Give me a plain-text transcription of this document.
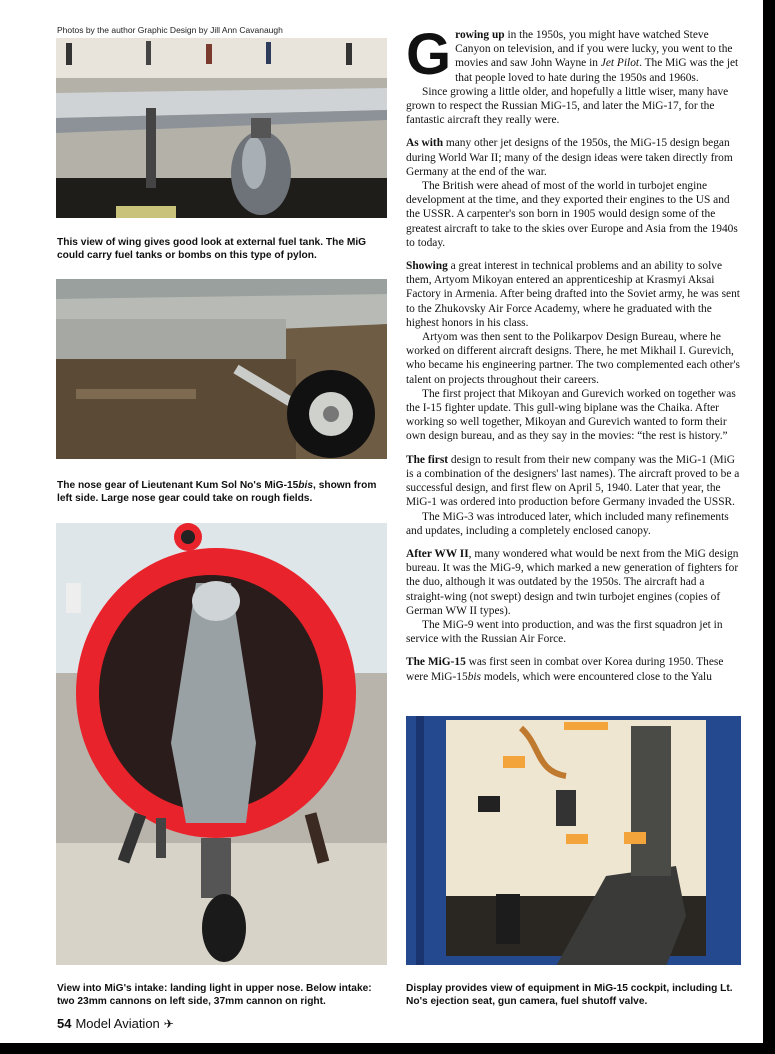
Photos by the author Graphic Design by Jill Ann Cavanaugh

This view of wing gives good look at external fuel tank. The MiG could carry fuel tanks or bombs on this type of pylon.

The nose gear of Lieutenant Kum Sol No's MiG-15bis, shown from left side. Large nose gear could take on rough fields.

View into MiG's intake: landing light in upper nose. Below intake: two 23mm cannons on left side, 37mm cannon on right.

Display provides view of equipment in MiG-15 cockpit, including Lt. No's ejection seat, gun camera, fuel shutoff valve.

Growing up in the 1950s, you might have watched Steve Canyon on television, and if you were lucky, you went to the movies and saw John Wayne in Jet Pilot. The MiG was the jet that people loved to hate during the 1950s and 1960s.

Since growing a little older, and hopefully a little wiser, many have grown to respect the Russian MiG-15, and later the MiG-17, for the fantastic aircraft they really were.

As with many other jet designs of the 1950s, the MiG-15 design began during World War II; many of the design ideas were taken directly from Germany at the end of the war.

The British were ahead of most of the world in turbojet engine development at the time, and they exported their engines to the US and the USSR. A carpenter's son born in 1905 would design some of the greatest aircraft to take to the skies over Europe and Asia from the 1940s to today.

Showing a great interest in technical problems and an ability to solve them, Artyom Mikoyan entered an apprenticeship at Krasmyi Aksai Factory in Armenia. After being drafted into the Soviet army, he was sent to the Zhukovsky Air Force Academy, where he graduated with the highest honors in his class.

Artyom was then sent to the Polikarpov Design Bureau, where he worked on different aircraft designs. There, he met Mikhail I. Gurevich, who became his engineering partner. The two complemented each other's talent on projects throughout their careers.

The first project that Mikoyan and Gurevich worked on together was the I-15 fighter update. This gull-wing biplane was the Chaika. After working so well together, Mikoyan and Gurevich wanted to form their own design bureau, and as they say in the movies: “the rest is history.”

The first design to result from their new company was the MiG-1 (MiG is a combination of the designers' last names). The aircraft proved to be a successful design, and first flew on April 5, 1940. Later that year, the MiG-1 was ordered into production before Germany invaded the USSR.

The MiG-3 was introduced later, which included many refinements and updates, including a completely enclosed canopy.

After WW II, many wondered what would be next from the MiG design bureau. It was the MiG-9, which marked a new generation of fighters for the duo, although it was outdated by the 1950s. The aircraft had a straight-wing (not swept) design and twin turbojet engines (copies of German WW II types).

The MiG-9 went into production, and was the first squadron jet in service with the Russian Air Force.

The MiG-15 was first seen in combat over Korea during 1950. These were MiG-15bis models, which were encountered close to the Yalu

54 Model Aviation ✈
